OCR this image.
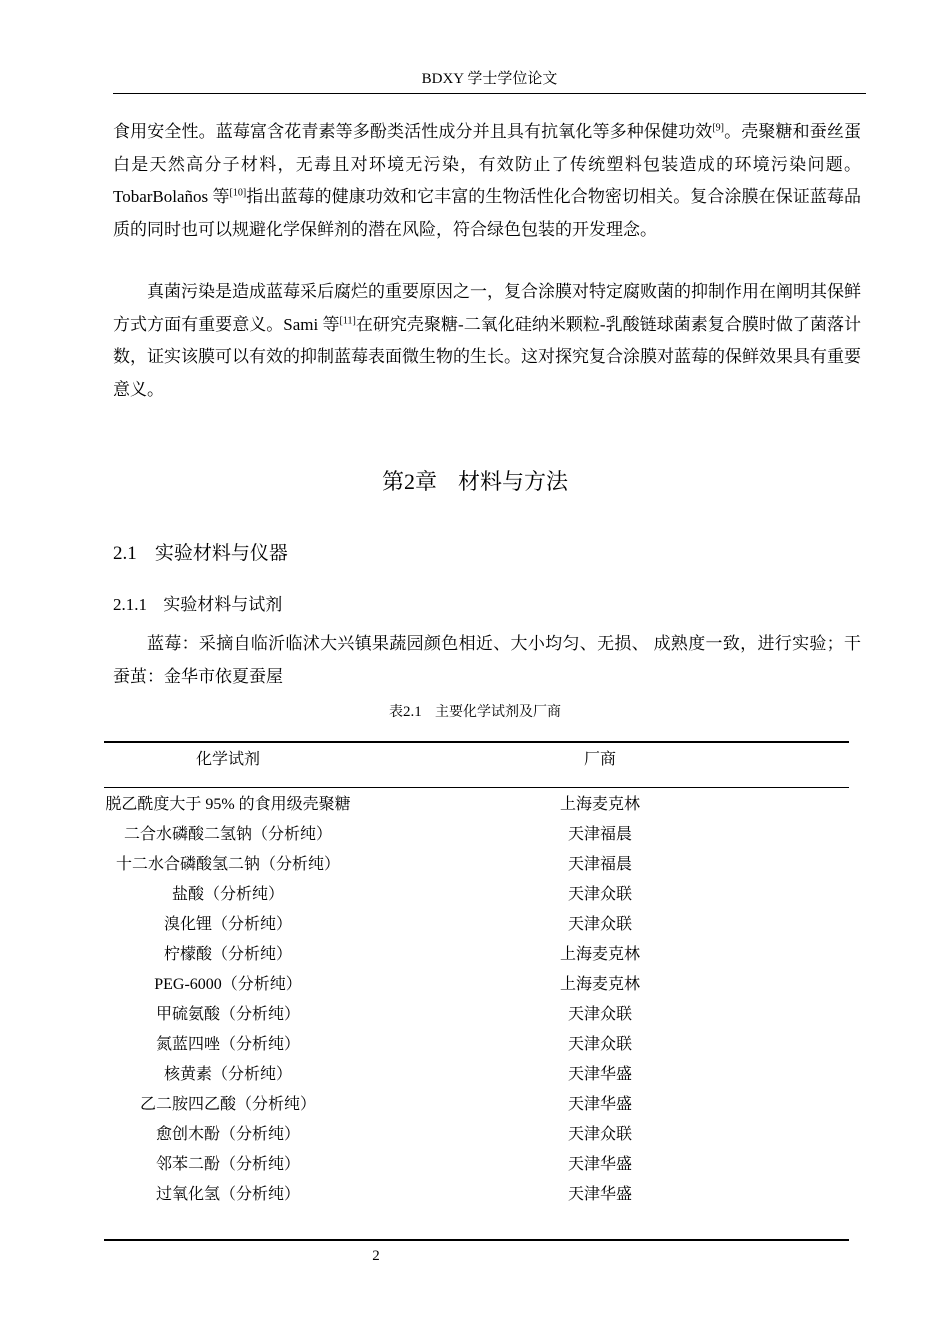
BDXY 学士学位论文

食用安全性。蓝莓富含花青素等多酚类活性成分并且具有抗氧化等多种保健功效[9]。壳聚糖和蚕丝蛋白是天然高分子材料，无毒且对环境无污染，有效防止了传统塑料包装造成的环境污染问题。TobarBolaños 等[10]指出蓝莓的健康功效和它丰富的生物活性化合物密切相关。复合涂膜在保证蓝莓品质的同时也可以规避化学保鲜剂的潜在风险，符合绿色包装的开发理念。

真菌污染是造成蓝莓采后腐烂的重要原因之一，复合涂膜对特定腐败菌的抑制作用在阐明其保鲜方式方面有重要意义。Sami 等[11]在研究壳聚糖-二氧化硅纳米颗粒-乳酸链球菌素复合膜时做了菌落计数，证实该膜可以有效的抑制蓝莓表面微生物的生长。这对探究复合涂膜对蓝莓的保鲜效果具有重要意义。

第2章 材料与方法
2.1 实验材料与仪器
2.1.1 实验材料与试剂

蓝莓：采摘自临沂临沭大兴镇果蔬园颜色相近、大小均匀、无损、 成熟度一致，进行实验；干蚕茧：金华市依夏蚕屋

表2.1 主要化学试剂及厂商
化学试剂	厂商
脱乙酰度大于 95% 的食用级壳聚糖	上海麦克林
二合水磷酸二氢钠（分析纯）	天津福晨
十二水合磷酸氢二钠（分析纯）	天津福晨
盐酸（分析纯）	天津众联
溴化锂（分析纯）	天津众联
柠檬酸（分析纯）	上海麦克林
PEG-6000（分析纯）	上海麦克林
甲硫氨酸（分析纯）	天津众联
氮蓝四唑（分析纯）	天津众联
核黄素（分析纯）	天津华盛
乙二胺四乙酸（分析纯）	天津华盛
愈创木酚（分析纯）	天津众联
邻苯二酚（分析纯）	天津华盛
过氧化氢（分析纯）	天津华盛
2
